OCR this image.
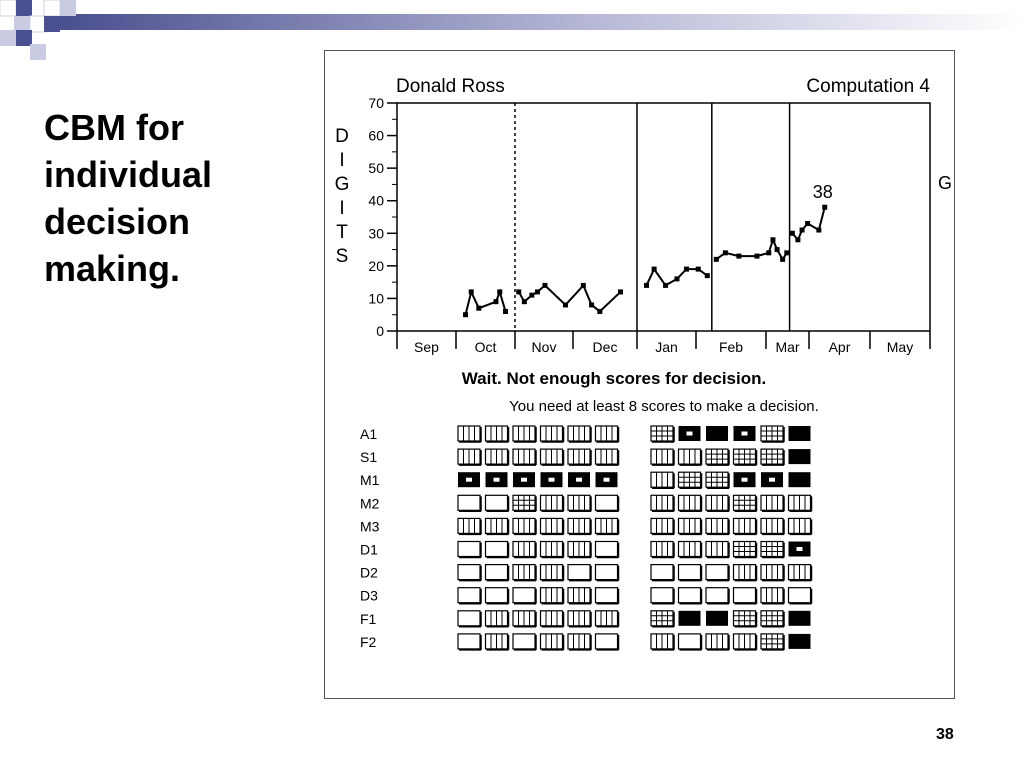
CBM for
individual
decision
making.
38
Donald Ross	Computation 4
G
D
I
G
I
T
S
Wait. Not enough scores for decision.
You need at least 8 scores to make a decision.
0
10
20
30
40
50
60
70
Sep	Oct	Nov	Dec	Jan	Feb Mar Apr	May
38
A1
S1
M1
M2
M3
D1
D2
D3
F1
F2
